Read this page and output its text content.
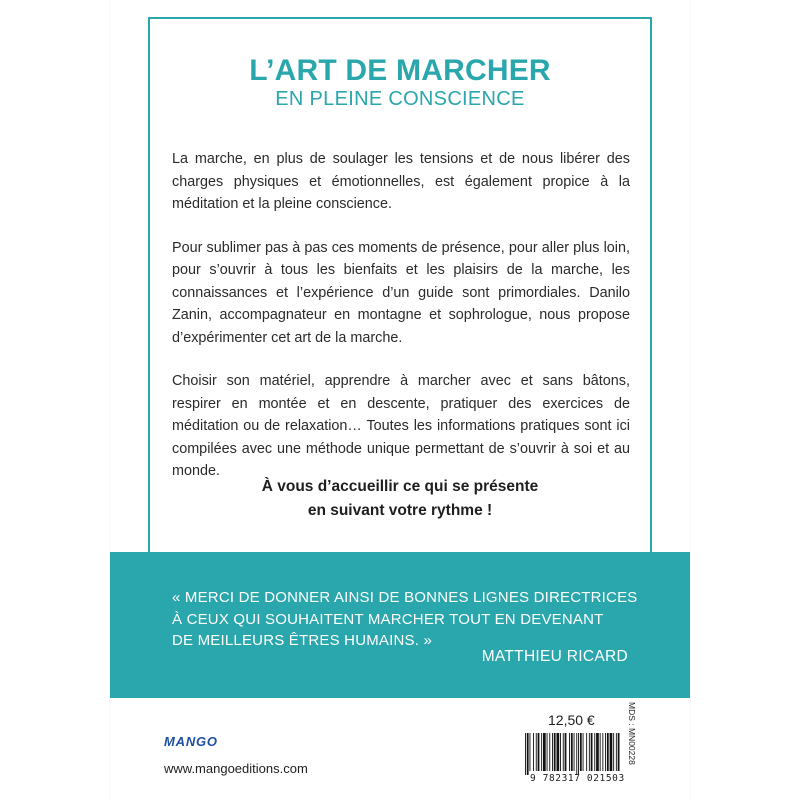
L’ART DE MARCHER
EN PLEINE CONSCIENCE

La marche, en plus de soulager les tensions et de nous libérer des charges physiques et émotionnelles, est également propice à la méditation et la pleine conscience.

Pour sublimer pas à pas ces moments de présence, pour aller plus loin, pour s’ouvrir à tous les bienfaits et les plaisirs de la marche, les connaissances et l’expérience d’un guide sont primordiales. Danilo Zanin, accompagnateur en montagne et sophrologue, nous propose d’expérimenter cet art de la marche.

Choisir son matériel, apprendre à marcher avec et sans bâtons, respirer en montée et en descente, pratiquer des exercices de méditation ou de relaxation… Toutes les informations pratiques sont ici compilées avec une méthode unique permettant de s’ouvrir à soi et au monde.

À vous d’accueillir ce qui se présente
en suivant votre rythme !
« MERCI DE DONNER AINSI DE BONNES LIGNES DIRECTRICES
À CEUX QUI SOUHAITENT MARCHER TOUT EN DEVENANT
DE MEILLEURS ÊTRES HUMAINS. »
MATTHIEU RICARD
MANGO
www.mangoeditions.com
12,50 €
9 782317 021503
MDS : MN00228
